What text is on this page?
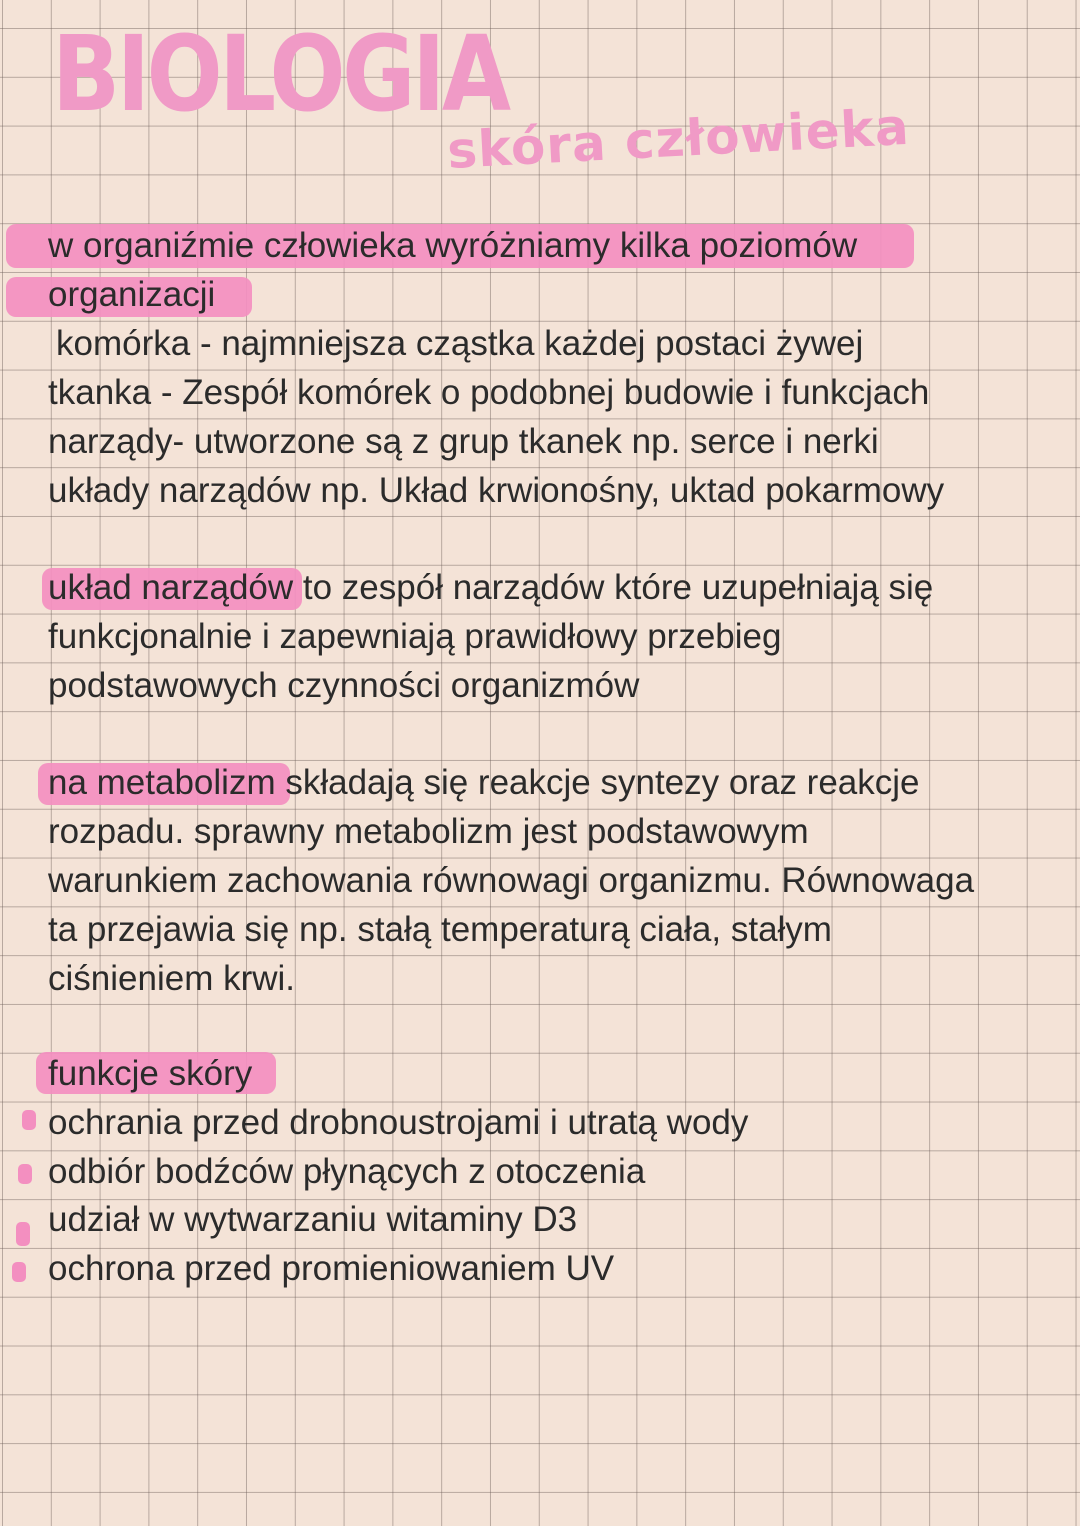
BIOLOGIA
skóra człowieka

w organiźmie człowieka wyróżniamy kilka poziomów

organizacji

komórka - najmniejsza cząstka każdej postaci żywej

tkanka - Zespół komórek o podobnej budowie i funkcjach

narządy- utworzone są z grup tkanek np. serce i nerki

układy narządów np. Układ krwionośny, uktad pokarmowy

układ narządów to zespół narządów które uzupełniają się

funkcjonalnie i zapewniają prawidłowy przebieg

podstawowych czynności organizmów

na metabolizm składają się reakcje syntezy oraz reakcje

rozpadu. sprawny metabolizm jest podstawowym

warunkiem zachowania równowagi organizmu. Równowaga

ta przejawia się np. stałą temperaturą ciała, stałym

ciśnieniem krwi.

funkcje skóry

ochrania przed drobnoustrojami i utratą wody

odbiór bodźców płynących z otoczenia

udział w wytwarzaniu witaminy D3

ochrona przed promieniowaniem UV
